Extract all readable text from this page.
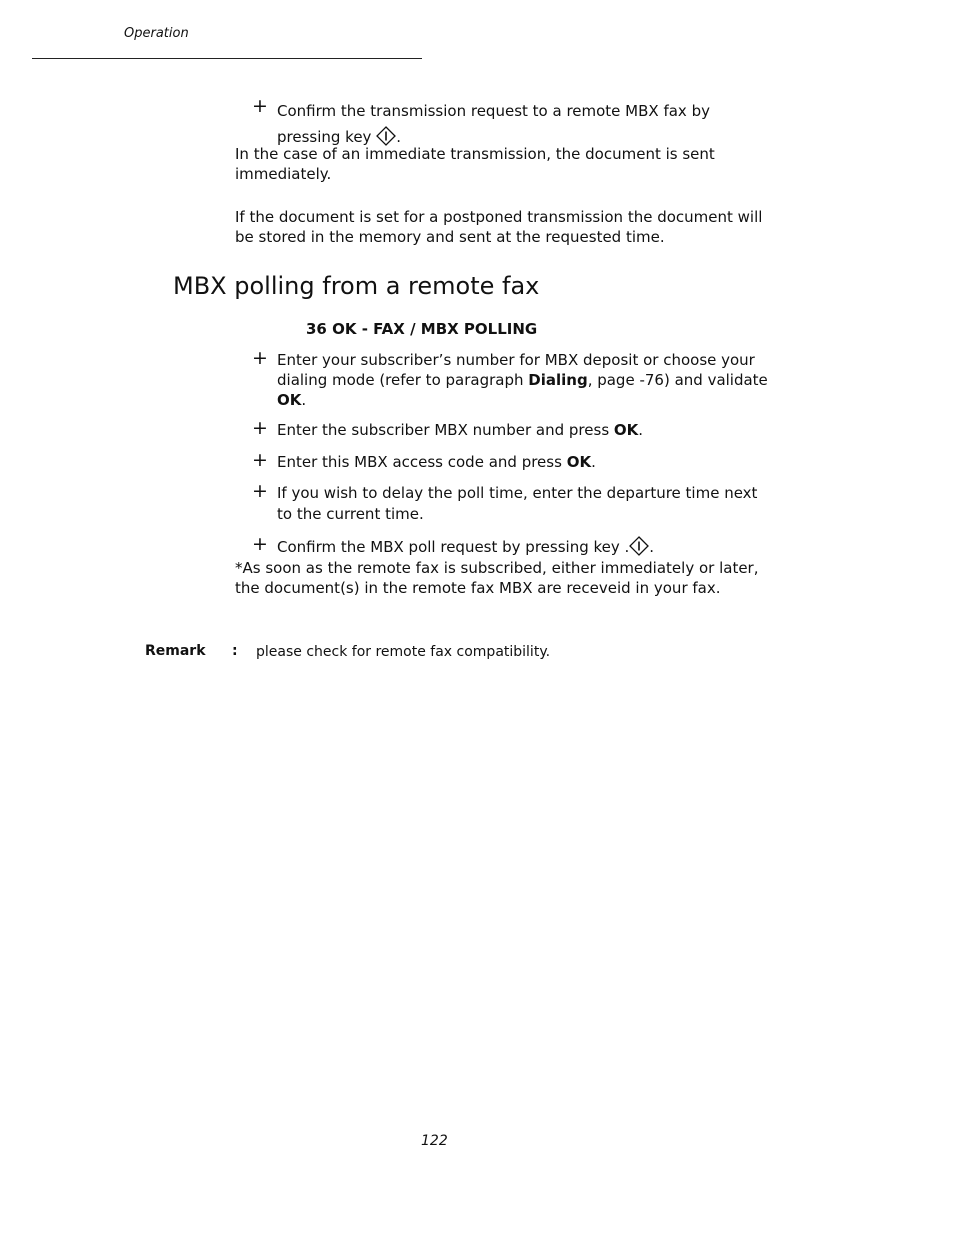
Operation
+ Confirm the transmission request to a remote MBX fax by pressing key .
In the case of an immediate transmission, the document is sent immediately.
If the document is set for a postponed transmission the document will be stored in the memory and sent at the requested time.
MBX polling from a remote fax
36 OK - FAX / MBX POLLING
+ Enter your subscriber’s number for MBX deposit or choose your dialing mode (refer to paragraph Dialing, page -76) and validate OK.
+ Enter the subscriber MBX number and press OK.
+ Enter this MBX access code and press OK.
+ If you wish to delay the poll time, enter the departure time next to the current time.
+ Confirm the MBX poll request by pressing key . .
*As soon as the remote fax is subscribed, either immediately or later, the document(s) in the remote fax MBX are receveid in your fax.
Remark : please check for remote fax compatibility.
122
